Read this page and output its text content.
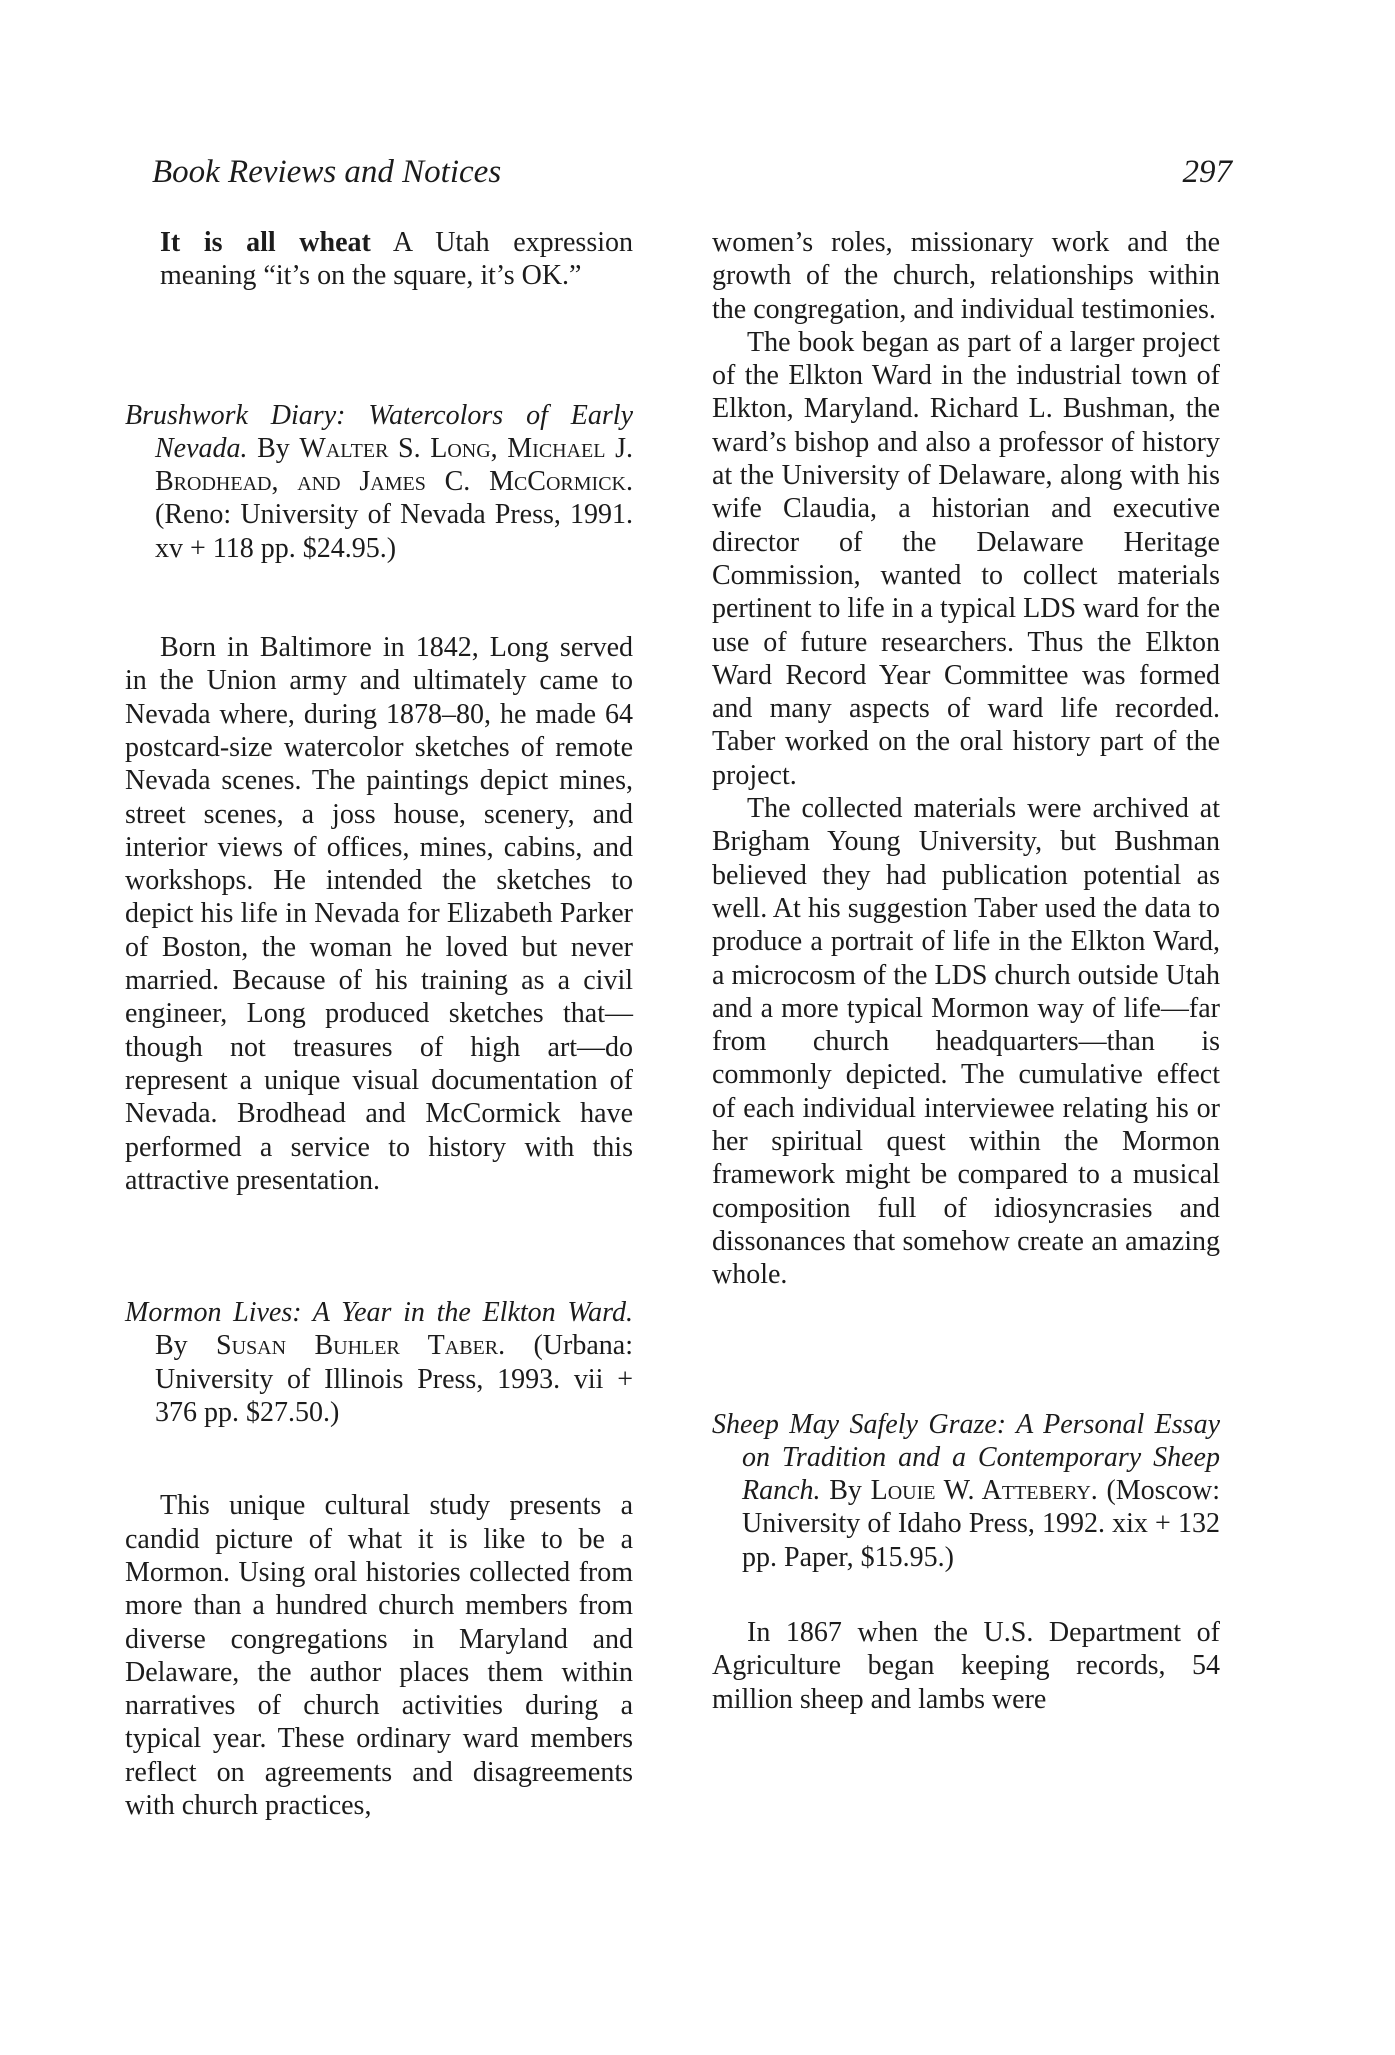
Book Reviews and Notices	297

It is all wheat A Utah expression meaning “it’s on the square, it’s OK.”

Brushwork Diary: Watercolors of Early Nevada. By Walter S. Long, Michael J. Brodhead, and James C. McCormick. (Reno: University of Nevada Press, 1991. xv + 118 pp. $24.95.)

Born in Baltimore in 1842, Long served in the Union army and ultimately came to Nevada where, during 1878–80, he made 64 postcard-size watercolor sketches of remote Nevada scenes. The paintings depict mines, street scenes, a joss house, scenery, and interior views of offices, mines, cabins, and workshops. He intended the sketches to depict his life in Nevada for Elizabeth Parker of Boston, the woman he loved but never married. Because of his training as a civil engineer, Long produced sketches that—though not treasures of high art—do represent a unique visual documentation of Nevada. Brodhead and McCormick have performed a service to history with this attractive presentation.

Mormon Lives: A Year in the Elkton Ward. By Susan Buhler Taber. (Urbana: University of Illinois Press, 1993. vii + 376 pp. $27.50.)

This unique cultural study presents a candid picture of what it is like to be a Mormon. Using oral histories collected from more than a hundred church members from diverse congregations in Maryland and Delaware, the author places them within narratives of church activities during a typical year. These ordinary ward members reflect on agreements and disagreements with church practices,

women’s roles, missionary work and the growth of the church, relationships within the congregation, and individual testimonies.

The book began as part of a larger project of the Elkton Ward in the industrial town of Elkton, Maryland. Richard L. Bushman, the ward’s bishop and also a professor of history at the University of Delaware, along with his wife Claudia, a historian and executive director of the Delaware Heritage Commission, wanted to collect materials pertinent to life in a typical LDS ward for the use of future researchers. Thus the Elkton Ward Record Year Committee was formed and many aspects of ward life recorded. Taber worked on the oral history part of the project.

The collected materials were archived at Brigham Young University, but Bushman believed they had publication potential as well. At his suggestion Taber used the data to produce a portrait of life in the Elkton Ward, a microcosm of the LDS church outside Utah and a more typical Mormon way of life—far from church headquarters—than is commonly depicted. The cumulative effect of each individual interviewee relating his or her spiritual quest within the Mormon framework might be compared to a musical composition full of idiosyncrasies and dissonances that somehow create an amazing whole.

Sheep May Safely Graze: A Personal Essay on Tradition and a Contemporary Sheep Ranch. By Louie W. Attebery. (Moscow: University of Idaho Press, 1992. xix + 132 pp. Paper, $15.95.)

In 1867 when the U.S. Department of Agriculture began keeping records, 54 million sheep and lambs were
